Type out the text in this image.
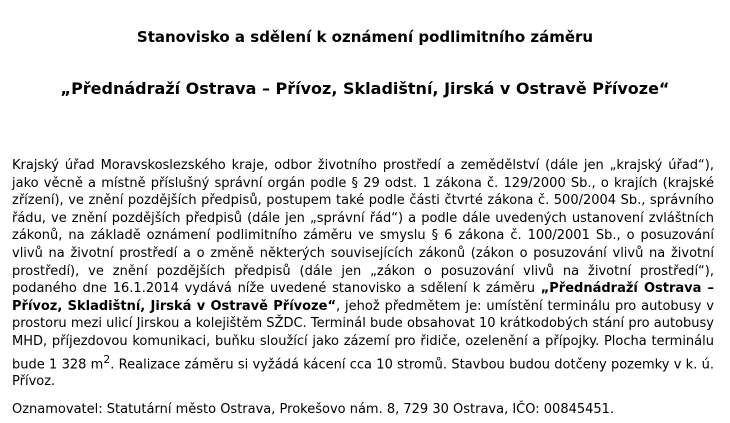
Stanovisko a sdělení k oznámení podlimitního záměru
„Přednádraží Ostrava – Přívoz, Skladištní, Jirská v Ostravě Přívoze“
Krajský úřad Moravskoslezského kraje, odbor životního prostředí a zemědělství (dále jen „krajský úřad“), jako věcně a místně příslušný správní orgán podle § 29 odst. 1 zákona č. 129/2000 Sb., o krajích (krajské zřízení), ve znění pozdějších předpisů, postupem také podle části čtvrté zákona č. 500/2004 Sb., správního řádu, ve znění pozdějších předpisů (dále jen „správní řád“) a podle dále uvedených ustanovení zvláštních zákonů, na základě oznámení podlimitního záměru ve smyslu § 6 zákona č. 100/2001 Sb., o posuzování vlivů na životní prostředí a o změně některých souvisejících zákonů (zákon o posuzování vlivů na životní prostředí), ve znění pozdějších předpisů (dále jen „zákon o posuzování vlivů na životní prostředí“), podaného dne 16.1.2014 vydává níže uvedené stanovisko a sdělení k záměru „Přednádraží Ostrava – Přívoz, Skladištní, Jirská v Ostravě Přívoze“, jehož předmětem je: umístění terminálu pro autobusy v prostoru mezi ulicí Jirskou a kolejištěm SŽDC. Terminál bude obsahovat 10 krátkodobých stání pro autobusy MHD, příjezdovou komunikaci, buňku sloužící jako zázemí pro řidiče, ozelenění a přípojky. Plocha terminálu bude 1 328 $m^2$. Realizace záměru si vyžádá kácení cca 10 stromů. Stavbou budou dotčeny pozemky v k. ú. Přívoz.
Oznamovatel: Statutární město Ostrava, Prokešovo nám. 8, 729 30 Ostrava, IČO: 00845451.
